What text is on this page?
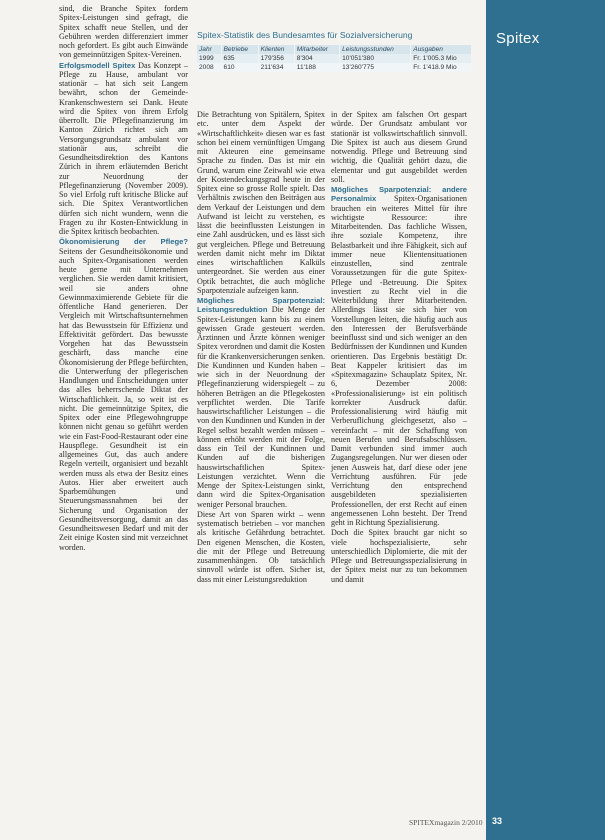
sind, die Branche Spitex fordern Spitex-Leistungen sind gefragt, die Spitex schafft neue Stellen, und der Gebühren werden differenziert immer noch gefordert. Es gibt auch Einwände von gemeinnützigen Spitex-Vereinen.

Erfolgsmodell Spitex Das Konzept – Pflege zu Hause, ambulant vor stationär – hat sich seit Langem bewährt, schon der Gemeinde-Krankenschwestern sei Dank. Heute wird die Spitex von ihrem Erfolg überrollt. Die Pflegefinanzierung im Kanton Zürich richtet sich am Versorgungsgrundsatz ambulant vor stationär aus, schreibt die Gesundheitsdirektion des Kantons Zürich in ihrem erläuternden Bericht zur Neuordnung der Pflegefinanzierung (November 2009). So viel Erfolg ruft kritische Blicke auf sich. Die Spitex Verantwortlichen dürfen sich nicht wundern, wenn die Fragen zu ihr Kosten-Entwicklung in die Spitex kritisch beobachten.

Ökonomisierung der Pflege? Seitens der Gesundheitsökonomie und auch Spitex-Organisationen werden heute gerne mit Unternehmen verglichen. Sie werden damit kritisiert, weil sie anders ohne Gewinnmaximierende Gebiete für die öffentliche Hand generieren. Der Vergleich mit Wirtschaftsunternehmen hat das Bewusstsein für Effizienz und Effektivität gefördert. Das bewusste Vorgehen hat das Bewusstsein geschärft, dass manche eine Ökonomisierung der Pflege befürchten, die Unterwerfung der pflegerischen Handlungen und Entscheidungen unter das alles beherrschende Diktat der Wirtschaftlichkeit. Ja, so weit ist es nicht. Die gemeinnützige Spitex, die Spitex oder eine Pflegewohngruppe können nicht genau so geführt werden wie ein Fast-Food-Restaurant oder eine Hauspflege. Gesundheit ist ein allgemeines Gut, das auch andere Regeln verteilt, organisiert und bezahlt werden muss als etwa der Besitz eines Autos. Hier aber erweitert auch Sparbemühungen und Steuerungsmassnahmen bei der Sicherung und Organisation der Gesundheitsversorgung, damit an das Gesundheitswesen Bedarf und mit der Zeit einige Kosten sind mit verzeichnet worden.

Spitex-Statistik des Bundesamtes für Sozialversicherung
Jahr	Betriebe	Klienten	Mitarbeiter	Leistungsstunden	Ausgaben
1999	635	179'356	8'304	10'051'380	Fr. 1'005.3 Mio
2008	610	211'634	11'188	13'260'775	Fr. 1'418.9 Mio

Die Betrachtung von Spitälern, Spitex etc. unter dem Aspekt der «Wirtschaftlichkeit» diesen war es fast schon bei einem vernünftigen Umgang mit Akteuren eine gemeinsame Sprache zu finden. Das ist mir ein Grund, warum eine Zeitwahl wie etwa der Kostendeckungsgrad heute in der Spitex eine so grosse Rolle spielt. Das Verhältnis zwischen den Beiträgen aus dem Verkauf der Leistungen und dem Aufwand ist leicht zu verstehen, es lässt die beeinflussten Leistungen in eine Zahl ausdrücken, und es lässt sich gut vergleichen. Pflege und Betreuung werden damit nicht mehr im Diktat eines wirtschaftlichen Kalküls untergeordnet. Sie werden aus einer Optik betrachtet, die auch mögliche Sparpotenziale aufzeigen kann.

Mögliches Sparpotenzial: Leistungsreduktion Die Menge der Spitex-Leistungen kann bis zu einem gewissen Grade gesteuert werden. Ärztinnen und Ärzte können weniger Spitex verordnen und damit die Kosten für die Krankenversicherungen senken. Die Kundinnen und Kunden haben – wie sich in der Neuordnung der Pflegefinanzierung widerspiegelt – zu höheren Beträgen an die Pflegekosten verpflichtet werden. Die Tarife hauswirtschaftlicher Leistungen – die von den Kundinnen und Kunden in der Regel selbst bezahlt werden müssen – können erhöht werden mit der Folge, dass ein Teil der Kundinnen und Kunden auf die bisherigen hauswirtschaftlichen Spitex-Leistungen verzichtet. Wenn die Menge der Spitex-Leistungen sinkt, dann wird die Spitex-Organisation weniger Personal brauchen.

Diese Art von Sparen wirkt – wenn systematisch betrieben – vor manchen als kritische Gefährdung betrachtet. Den eigenen Menschen, die Kosten, die mit der Pflege und Betreuung zusammenhängen. Ob tatsächlich sinnvoll würde ist offen. Sicher ist, dass mit einer Leistungsreduktion

in der Spitex am falschen Ort gespart würde. Der Grundsatz ambulant vor stationär ist volkswirtschaftlich sinnvoll. Die Spitex ist auch aus diesem Grund notwendig. Pflege und Betreuung sind wichtig, die Qualität gehört dazu, die elementar und gut ausgebildet werden soll.

Mögliches Sparpotenzial: andere Personalmix Spitex-Organisationen brauchen ein weiteres Mittel für ihre wichtigste Ressource: ihre Mitarbeitenden. Das fachliche Wissen, ihre soziale Kompetenz, ihre Belastbarkeit und ihre Fähigkeit, sich auf immer neue Klientensituationen einzustellen, sind zentrale Voraussetzungen für die gute Spitex-Pflege und -Betreuung. Die Spitex investiert zu Recht viel in die Weiterbildung ihrer Mitarbeitenden. Allerdings lässt sie sich hier von Vorstellungen leiten, die häufig auch aus den Interessen der Berufsverbände beeinflusst sind und sich weniger an den Bedürfnissen der Kundinnen und Kunden orientieren. Das Ergebnis bestätigt Dr. Beat Kappeler kritisiert das im «Spitexmagazin» Schauplatz Spitex, Nr. 6, Dezember 2008: «Professionalisierung» ist ein politisch korrekter Ausdruck dafür. Professionalisierung wird häufig mit Verberuflichung gleichgesetzt, also – vereinfacht – mit der Schaffung von neuen Berufen und Berufsabschlüssen. Damit verbunden sind immer auch Zugangsregelungen. Nur wer diesen oder jenen Ausweis hat, darf diese oder jene Verrichtung ausführen. Für jede Verrichtung den entsprechend ausgebildeten spezialisierten Professionellen, der erst Recht auf einen angemessenen Lohn besteht. Der Trend geht in Richtung Spezialisierung.

Doch die Spitex braucht gar nicht so viele hochspezialisierte, sehr unterschiedlich Diplomierte, die mit der Pflege und Betreuungsspezialisierung in der Spitex meist nur zu tun bekommen und damit

SPITEXmagazin 2/2010
Spitex
33
